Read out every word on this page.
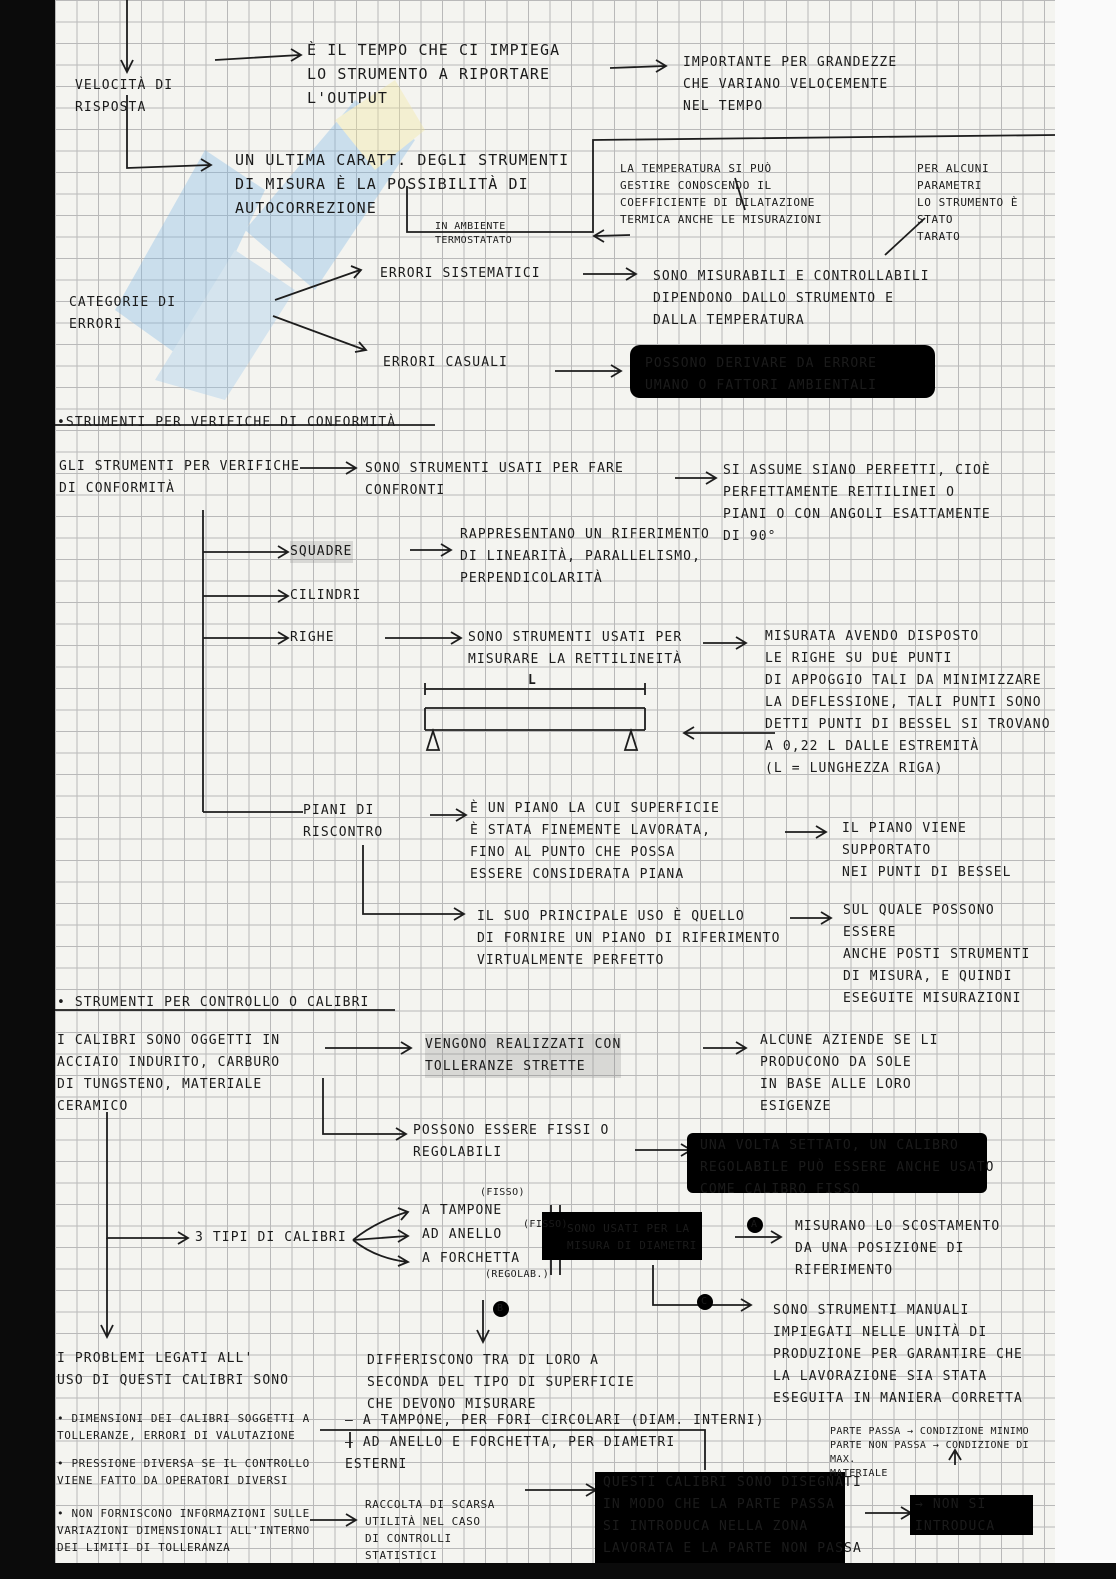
VELOCITÀ DI
RISPOSTA
È IL TEMPO CHE CI IMPIEGA
LO STRUMENTO A RIPORTARE
L'OUTPUT
IMPORTANTE PER GRANDEZZE
CHE VARIANO VELOCEMENTE
NEL TEMPO
UN ULTIMA CARATT. DEGLI STRUMENTI
DI MISURA È LA POSSIBILITÀ DI
AUTOCORREZIONE
LA TEMPERATURA SI PUÒ
GESTIRE CONOSCENDO IL
COEFFICIENTE DI DILATAZIONE
TERMICA ANCHE LE MISURAZIONI
PER ALCUNI PARAMETRI
LO STRUMENTO È STATO
TARATO
IN AMBIENTE
TERMOSTATATO
CATEGORIE DI
ERRORI
ERRORI SISTEMATICI	SONO MISURABILI E CONTROLLABILI
DIPENDONO DALLO STRUMENTO E
DALLA TEMPERATURA
ERRORI CASUALI	POSSONO DERIVARE DA ERRORE
UMANO O FATTORI AMBIENTALI
•STRUMENTI PER VERIFICHE DI CONFORMITÀ
GLI STRUMENTI PER VERIFICHE
DI CONFORMITÀ
SONO STRUMENTI USATI PER FARE
CONFRONTI
SI ASSUME SIANO PERFETTI, CIOÈ
PERFETTAMENTE RETTILINEI O
PIANI O CON ANGOLI ESATTAMENTE
DI 90°
SQUADRE
RAPPRESENTANO UN RIFERIMENTO
DI LINEARITÀ, PARALLELISMO,
PERPENDICOLARITÀ
CILINDRI
RIGHE	SONO STRUMENTI USATI PER
MISURARE LA RETTILINEITÀ
MISURATA AVENDO DISPOSTO
LE RIGHE SU DUE PUNTI
DI APPOGGIO TALI DA MINIMIZZARE
LA DEFLESSIONE, TALI PUNTI SONO
DETTI PUNTI DI BESSEL SI TROVANO
A 0,22 L DALLE ESTREMITÀ
(L = LUNGHEZZA RIGA)
L
PIANI DI
RISCONTRO
È UN PIANO LA CUI SUPERFICIE
È STATA FINEMENTE LAVORATA,
FINO AL PUNTO CHE POSSA
ESSERE CONSIDERATA PIANA
IL PIANO VIENE SUPPORTATO
NEI PUNTI DI BESSEL
IL SUO PRINCIPALE USO È QUELLO
DI FORNIRE UN PIANO DI RIFERIMENTO
VIRTUALMENTE PERFETTO
SUL QUALE POSSONO ESSERE
ANCHE POSTI STRUMENTI
DI MISURA, E QUINDI
ESEGUITE MISURAZIONI
• STRUMENTI PER CONTROLLO O CALIBRI
I CALIBRI SONO OGGETTI IN
ACCIAIO INDURITO, CARBURO
DI TUNGSTENO, MATERIALE
CERAMICO
VENGONO REALIZZATI CON
TOLLERANZE STRETTE
ALCUNE AZIENDE SE LI
PRODUCONO DA SOLE
IN BASE ALLE LORO
ESIGENZE
POSSONO ESSERE FISSI O
REGOLABILI	UNA VOLTA SETTATO, UN CALIBRO
REGOLABILE PUÒ ESSERE ANCHE USATO
COME CALIBRO FISSO
3 TIPI DI CALIBRI
(FISSO)
A TAMPONE
AD ANELLO
(FISSO)
A FORCHETTA
(REGOLAB.)
SONO USATI PER LA
MISURA DI DIAMETRI
A
B
C
MISURANO LO SCOSTAMENTO
DA UNA POSIZIONE DI
RIFERIMENTO
SONO STRUMENTI MANUALI
IMPIEGATI NELLE UNITÀ DI
PRODUZIONE PER GARANTIRE CHE
LA LAVORAZIONE SIA STATA
ESEGUITA IN MANIERA CORRETTA
I PROBLEMI LEGATI ALL'
USO DI QUESTI CALIBRI SONO
• DIMENSIONI DEI CALIBRI SOGGETTI A
TOLLERANZE, ERRORI DI VALUTAZIONE
• PRESSIONE DIVERSA SE IL CONTROLLO
VIENE FATTO DA OPERATORI DIVERSI
• NON FORNISCONO INFORMAZIONI SULLE
VARIAZIONI DIMENSIONALI ALL'INTERNO
DEI LIMITI DI TOLLERANZA
DIFFERISCONO TRA DI LORO A
SECONDA DEL TIPO DI SUPERFICIE
CHE DEVONO MISURARE
– A TAMPONE, PER FORI CIRCOLARI (DIAM. INTERNI)
– AD ANELLO E FORCHETTA, PER DIAMETRI
ESTERNI
PARTE PASSA → CONDIZIONE MINIMO
PARTE NON PASSA → CONDIZIONE DI MAX.
MATERIALE
QUESTI CALIBRI SONO DISEGNATI
IN MODO CHE LA PARTE PASSA
SI INTRODUCA NELLA ZONA
LAVORATA E LA PARTE NON PASSA
→ NON SI
INTRODUCA
RACCOLTA DI SCARSA
UTILITÀ NEL CASO
DI CONTROLLI
STATISTICI
